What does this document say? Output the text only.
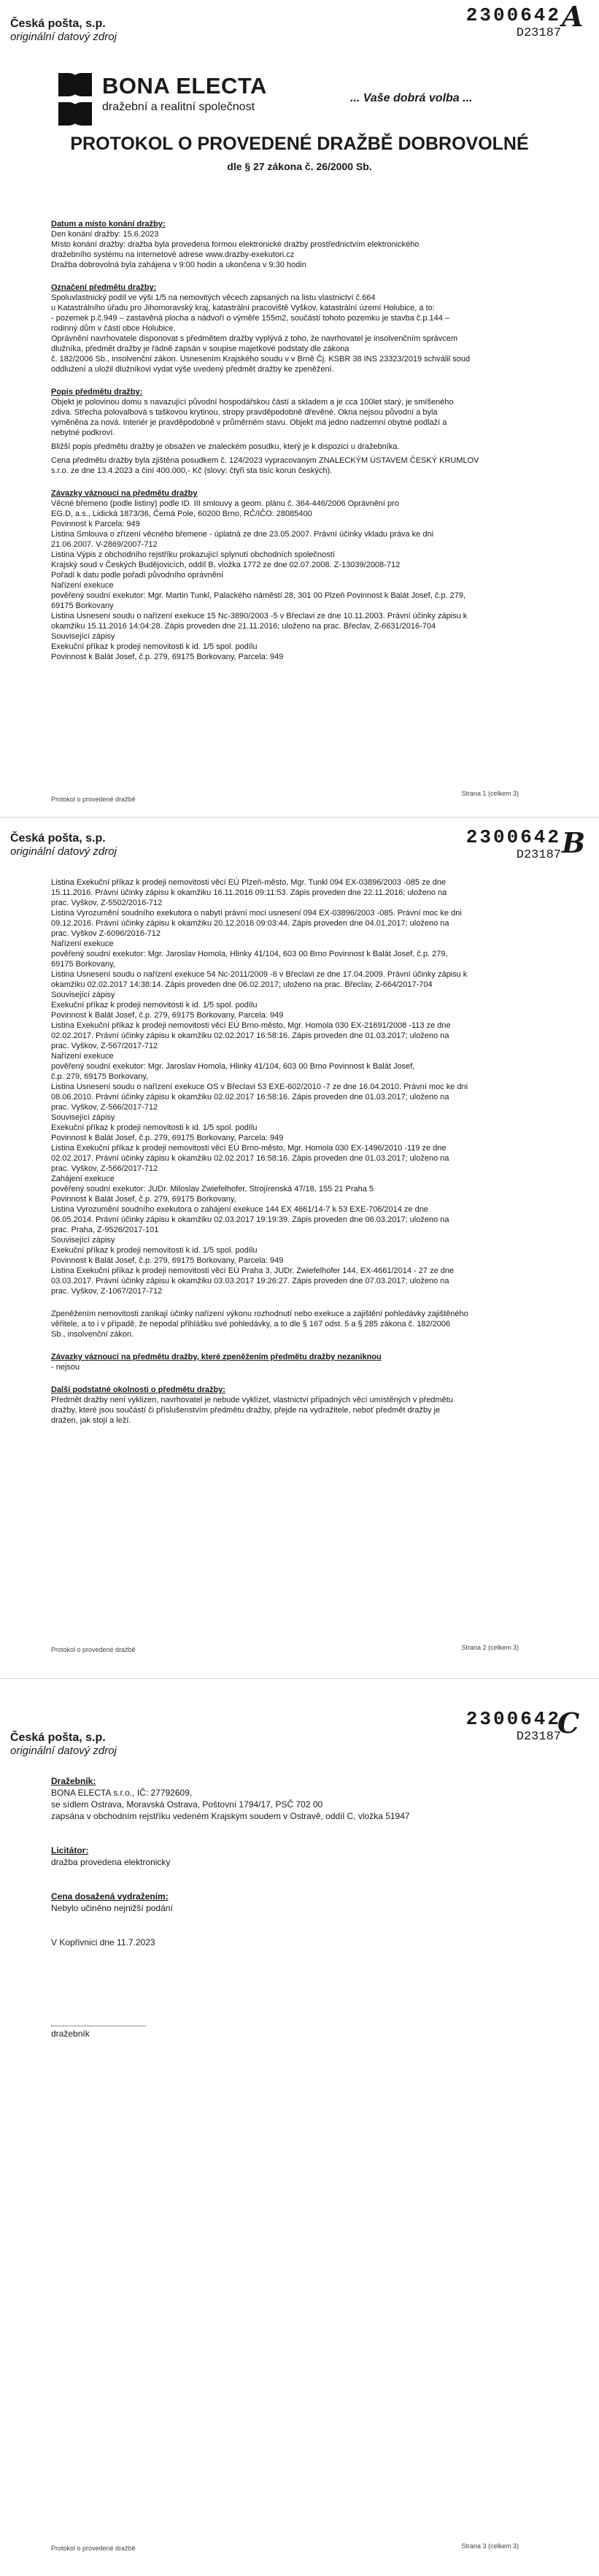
Česká pošta, s.p.
originální datový zdroj
2300642
D23187
A
BONA ELECTA
dražební a realitní společnost
... Vaše dobrá volba ...
PROTOKOL O PROVEDENÉ DRAŽBĚ DOBROVOLNÉ
dle § 27 zákona č. 26/2000 Sb.

Datum a místo konání dražby:

Den konání dražby: 15.6.2023
Místo konání dražby: dražba byla provedena formou elektronické dražby prostřednictvím elektronického
dražebního systému na internetové adrese www.drazby-exekutori.cz
Dražba dobrovolná byla zahájena v 9:00 hodin a ukončena v 9:30 hodin

Označení předmětu dražby:

Spoluvlastnický podíl ve výši 1/5 na nemovitých věcech zapsaných na listu vlastnictví č.664
u Katastrálního úřadu pro Jihomoravský kraj, katastrální pracoviště Vyškov, katastrální území Holubice, a to:
- pozemek p.č.949 – zastavěná plocha a nádvoří o výměře 155m2, součástí tohoto pozemku je stavba č.p.144 –
rodinný dům v části obce Holubice.
Oprávnění navrhovatele disponovat s předmětem dražby vyplývá z toho, že navrhovatel je insolvenčním správcem
dlužníka, předmět dražby je řádně zapsán v soupise majetkové podstaty dle zákona
č. 182/2006 Sb., insolvenční zákon. Usnesením Krajského soudu v v Brně Čj. KSBR 38 INS 23323/2019 schválil soud
oddlužení a uložil dlužníkovi vydat výše uvedený předmět dražby ke zpeněžení.

Popis předmětu dražby:

Objekt je polovinou domu s navazující původní hospodářskou částí a skladem a je cca 100let starý, je smíšeného
zdiva. Střecha polovalbová s taškovou krytinou, stropy pravděpodobně dřevěné. Okna nejsou původní a byla
vyměněna za nová. Interiér je pravděpodobně v průměrném stavu. Objekt má jedno nadzemní obytné podlaží a
nebytné podkroví.

Bližší popis předmětu dražby je obsažen ve znaleckém posudku, který je k dispozici u dražebníka.

Cena předmětu dražby byla zjištěna posudkem č. 124/2023 vypracovaným ZNALECKÝM ÚSTAVEM ČESKÝ KRUMLOV
s.r.o. ze dne 13.4.2023 a činí 400.000,- Kč (slovy: čtyři sta tisíc korun českých).

Závazky váznoucí na předmětu dražby

Věcné břemeno (podle listiny) podle ID. III smlouvy a geom. plánu č. 364-446/2006 Oprávnění pro
EG.D, a.s., Lidická 1873/36, Černá Pole, 60200 Brno, RČ/IČO: 28085400
Povinnost k Parcela: 949
Listina Smlouva o zřízení věcného břemene - úplatná ze dne 23.05.2007. Právní účinky vkladu práva ke dni
21.06.2007. V-2869/2007-712
Listina Výpis z obchodního rejstříku prokazující splynutí obchodních společností
Krajský soud v Českých Budějovicích, oddíl B, vložka 1772 ze dne 02.07.2008. Z-13039/2008-712
Pořadí k datu podle pořadí původního oprávnění
Nařízení exekuce
pověřený soudní exekutor: Mgr. Martin Tunkl, Palackého náměstí 28, 301 00 Plzeň Povinnost k Balát Josef, č.p. 279,
69175 Borkovany
Listina Usnesení soudu o nařízení exekuce 15 Nc-3890/2003 -5 v Břeclavi ze dne 10.11.2003. Právní účinky zápisu k
okamžiku 15.11.2016 14:04:28. Zápis proveden dne 21.11.2016; uloženo na prac. Břeclav, Z-6631/2016-704
Související zápisy
Exekuční příkaz k prodeji nemovitosti k id. 1/5 spol. podílu
Povinnost k Balát Josef, č.p. 279, 69175 Borkovany, Parcela: 949

Protokol o provedené dražbě
Strana 1 (celkem 3)
Česká pošta, s.p.
originální datový zdroj
2300642
D23187 B

Listina Exekuční příkaz k prodeji nemovitosti věcí EÚ Plzeň-město, Mgr. Tunkl 094 EX-03896/2003 -085 ze dne
15.11.2016. Právní účinky zápisu k okamžiku 16.11.2016 09:11:53. Zápis proveden dne 22.11.2016; uloženo na
prac. Vyškov, Z-5502/2016-712
Listina Vyrozumění soudního exekutora o nabytí právní moci usnesení 094 EX-03896/2003 -085. Právní moc ke dni
09.12.2016. Právní účinky zápisu k okamžiku 20.12.2016 09:03:44. Zápis proveden dne 04.01.2017; uloženo na
prac. Vyškov Z-6096/2016-712
Nařízení exekuce
pověřený soudní exekutor: Mgr. Jaroslav Homola, Hlinky 41/104, 603 00 Brno Povinnost k Balát Josef, č.p. 279,
69175 Borkovany,
Listina Usnesení soudu o nařízení exekuce 54 Nc-2011/2009 -6 v Břeclavi ze dne 17.04.2009. Právní účinky zápisu k
okamžiku 02.02.2017 14:38:14. Zápis proveden dne 06.02.2017; uloženo na prac. Břeclav, Z-664/2017-704
Související zápisy
Exekuční příkaz k prodeji nemovitosti k id. 1/5 spol. podílu
Povinnost k Balát Josef, č.p. 279, 69175 Borkovany, Parcela: 949
Listina Exekuční příkaz k prodeji nemovitosti věcí EÚ Brno-město, Mgr. Homola 030 EX-21691/2008 -113 ze dne
02.02.2017. Právní účinky zápisu k okamžiku 02.02.2017 16:58:16. Zápis proveden dne 01.03.2017; uloženo na
prac. Vyškov, Z-567/2017-712
Nařízení exekuce
pověřený soudní exekutor: Mgr. Jaroslav Homola, Hlinky 41/104, 603 00 Brno Povinnost k Balát Josef,
č.p. 279, 69175 Borkovany,
Listina Usnesení soudu o nařízení exekuce OS v Břeclavi 53 EXE-602/2010 -7 ze dne 16.04.2010. Právní moc ke dni
08.06.2010. Právní účinky zápisu k okamžiku 02.02.2017 16:58:16. Zápis proveden dne 01.03.2017; uloženo na
prac. Vyškov, Z-566/2017-712
Související zápisy
Exekuční příkaz k prodeji nemovitosti k id. 1/5 spol. podílu
Povinnost k Balát Josef, č.p. 279, 69175 Borkovany, Parcela: 949
Listina Exekuční příkaz k prodeji nemovitosti věcí EÚ Brno-město, Mgr. Homola 030 EX-1496/2010 -119 ze dne
02.02.2017. Právní účinky zápisu k okamžiku 02.02.2017 16:58:16. Zápis proveden dne 01.03.2017; uloženo na
prac. Vyškov, Z-566/2017-712
Zahájení exekuce
pověřený soudní exekutor: JUDr. Miloslav Zwiefelhofer, Strojírenská 47/18, 155 21 Praha 5
Povinnost k Balát Josef, č.p. 279, 69175 Borkovany,
Listina Vyrozumění soudního exekutora o zahájení exekuce 144 EX 4661/14-7 k 53 EXE-706/2014 ze dne
06.05.2014. Právní účinky zápisu k okamžiku 02.03.2017 19:19:39. Zápis proveden dne 06.03.2017; uloženo na
prac. Praha, Z-9526/2017-101
Související zápisy
Exekuční příkaz k prodeji nemovitosti k id. 1/5 spol. podílu
Povinnost k Balát Josef, č.p. 279, 69175 Borkovany, Parcela: 949
Listina Exekuční příkaz k prodeji nemovitosti věcí EÚ Praha 3, JUDr. Zwiefelhofer 144, EX-4661/2014 - 27 ze dne
03.03.2017. Právní účinky zápisu k okamžiku 03.03.2017 19:26:27. Zápis proveden dne 07.03.2017; uloženo na
prac. Vyškov, Z-1067/2017-712

Zpeněžením nemovitosti zanikají účinky nařízení výkonu rozhodnutí nebo exekuce a zajištění pohledávky zajištěného
věřitele, a to i v případě, že nepodal přihlášku své pohledávky, a to dle § 167 odst. 5 a § 285 zákona č. 182/2006
Sb., insolvenční zákon.

Závazky váznoucí na předmětu dražby, které zpeněžením předmětu dražby nezaniknou

- nejsou

Další podstatné okolnosti o předmětu dražby:

Předmět dražby není vyklizen, navrhovatel je nebude vyklízet, vlastnictví případných věcí umístěných v předmětu
dražby, které jsou součástí či příslušenstvím předmětu dražby, přejde na vydražitele, neboť předmět dražby je
dražen, jak stojí a leží.

Protokol o provedené dražbě	Strana 2 (celkem 3)
Česká pošta, s.p.
originální datový zdroj
2300642
D23187
C

Dražebník:

BONA ELECTA s.r.o., IČ: 27792609,
se sídlem Ostrava, Moravská Ostrava, Poštovní 1794/17, PSČ 702 00
zapsána v obchodním rejstříku vedeném Krajským soudem v Ostravě, oddíl C, vložka 51947

Licitátor:

dražba provedena elektronicky

Cena dosažená vydražením:

Nebylo učiněno nejnižší podání

V Kopřivnici dne 11.7.2023

dražebník
Protokol o provedené dražbě	Strana 3 (celkem 3)
